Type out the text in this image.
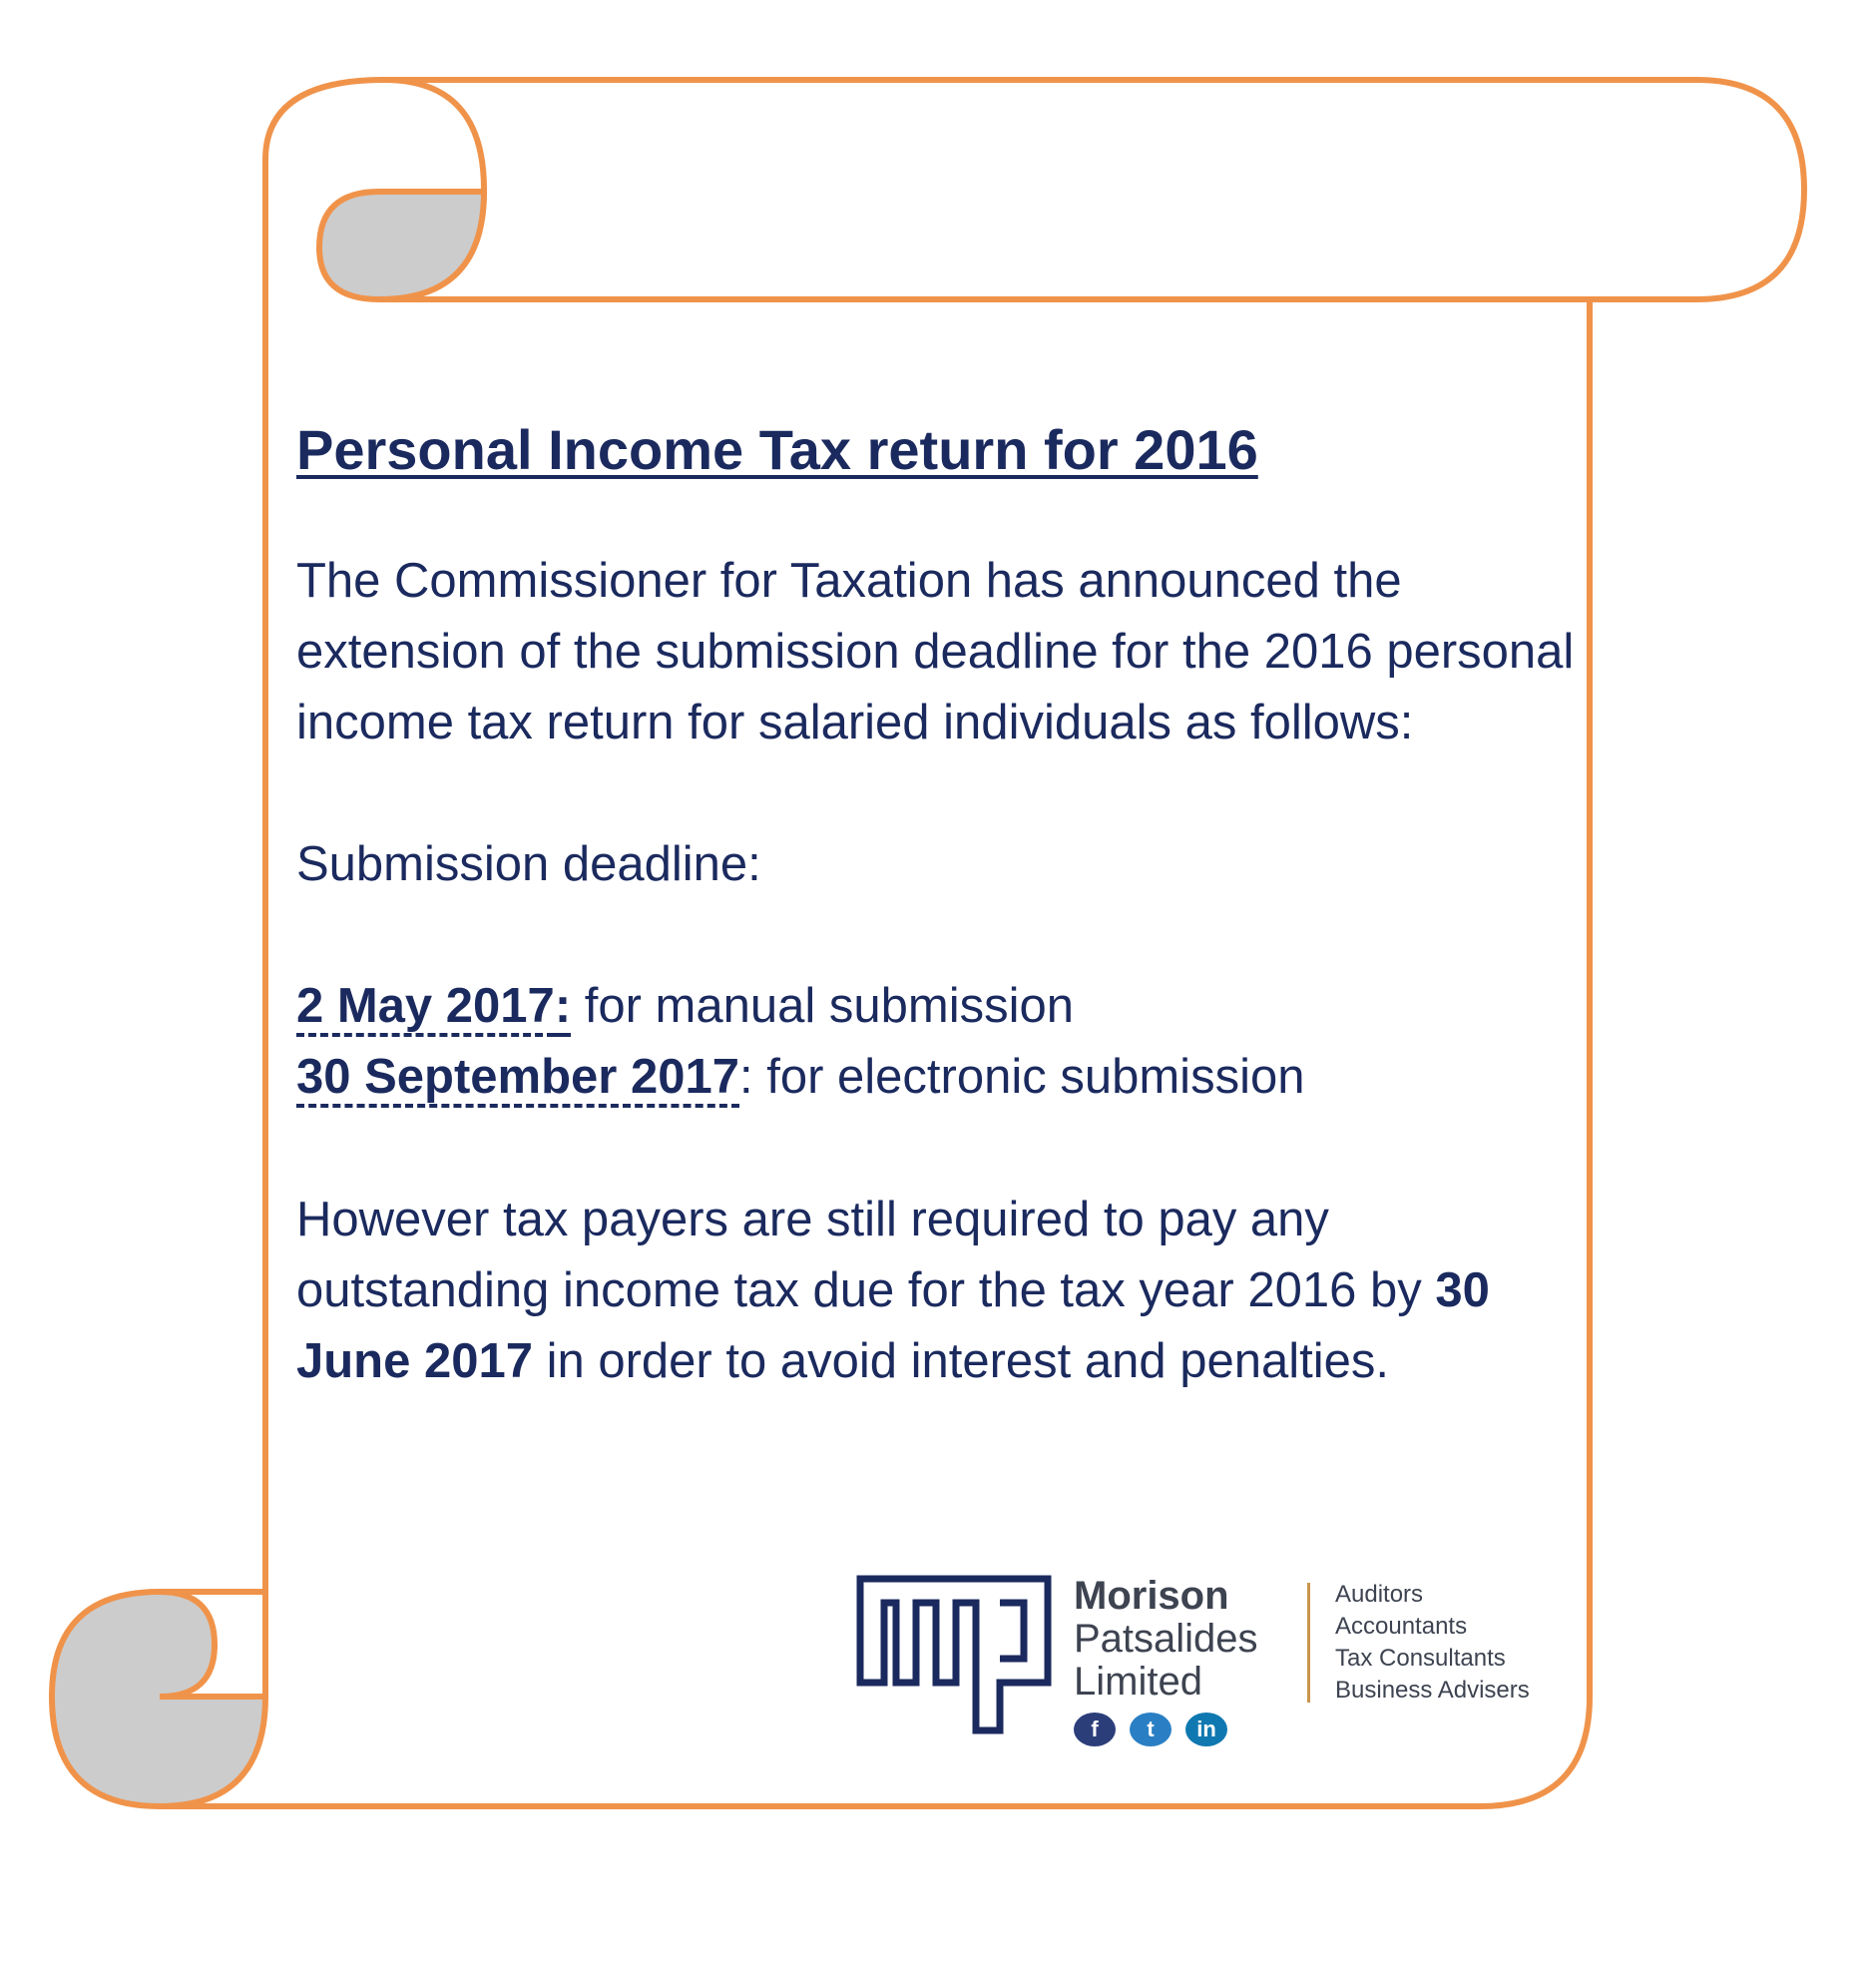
Personal Income Tax return for 2016

The Commissioner for Taxation has announced the extension of the submission deadline for the 2016 personal income tax return for salaried individuals as follows:

Submission deadline:

2 May 2017: for manual submission
30 September 2017: for electronic submission

However tax payers are still required to pay any outstanding income tax due for the tax year 2016 by 30 June 2017 in order to avoid interest and penalties.

Morison
Patsalides
Limited
Auditors
Accountants
Tax Consultants
Business Advisers
f	t	in
